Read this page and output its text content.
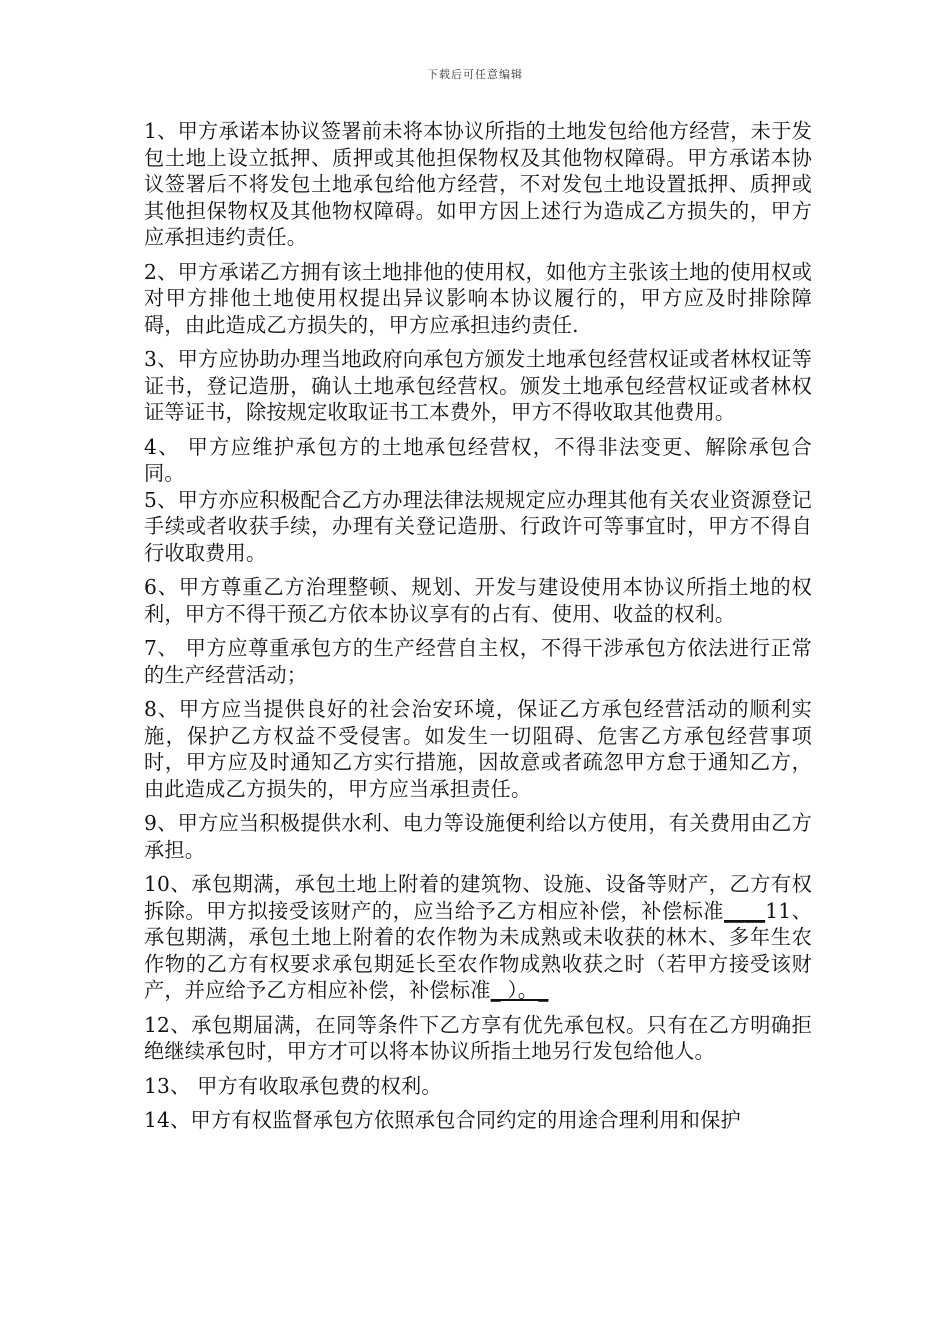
下载后可任意编辑

1、甲方承诺本协议签署前未将本协议所指的土地发包给他方经营，未于发包土地上设立抵押、质押或其他担保物权及其他物权障碍。甲方承诺本协议签署后不将发包土地承包给他方经营，不对发包土地设置抵押、质押或其他担保物权及其他物权障碍。如甲方因上述行为造成乙方损失的，甲方应承担违约责任。

2、甲方承诺乙方拥有该土地排他的使用权，如他方主张该土地的使用权或对甲方排他土地使用权提出异议影响本协议履行的，甲方应及时排除障碍，由此造成乙方损失的，甲方应承担违约责任.

3、甲方应协助办理当地政府向承包方颁发土地承包经营权证或者林权证等证书，登记造册，确认土地承包经营权。颁发土地承包经营权证或者林权证等证书，除按规定收取证书工本费外，甲方不得收取其他费用。

4、 甲方应维护承包方的土地承包经营权，不得非法变更、解除承包合同。

5、甲方亦应积极配合乙方办理法律法规规定应办理其他有关农业资源登记手续或者收获手续，办理有关登记造册、行政许可等事宜时，甲方不得自行收取费用。

6、甲方尊重乙方治理整顿、规划、开发与建设使用本协议所指土地的权利，甲方不得干预乙方依本协议享有的占有、使用、收益的权利。

7、 甲方应尊重承包方的生产经营自主权，不得干涉承包方依法进行正常的生产经营活动；

8、甲方应当提供良好的社会治安环境，保证乙方承包经营活动的顺利实施，保护乙方权益不受侵害。如发生一切阻碍、危害乙方承包经营事项时，甲方应及时通知乙方实行措施，因故意或者疏忽甲方怠于通知乙方，由此造成乙方损失的，甲方应当承担责任。

9、甲方应当积极提供水利、电力等设施便利给以方使用，有关费用由乙方承担。

10、承包期满，承包土地上附着的建筑物、设施、设备等财产，乙方有权拆除。甲方拟接受该财产的，应当给予乙方相应补偿，补偿标准____11、承包期满，承包土地上附着的农作物为未成熟或未收获的林木、多年生农作物的乙方有权要求承包期延长至农作物成熟收获之时（若甲方接受该财产，并应给予乙方相应补偿，补偿标准_ ）。_

12、承包期届满，在同等条件下乙方享有优先承包权。只有在乙方明确拒绝继续承包时，甲方才可以将本协议所指土地另行发包给他人。

13、 甲方有收取承包费的权利。

14、甲方有权监督承包方依照承包合同约定的用途合理利用和保护
